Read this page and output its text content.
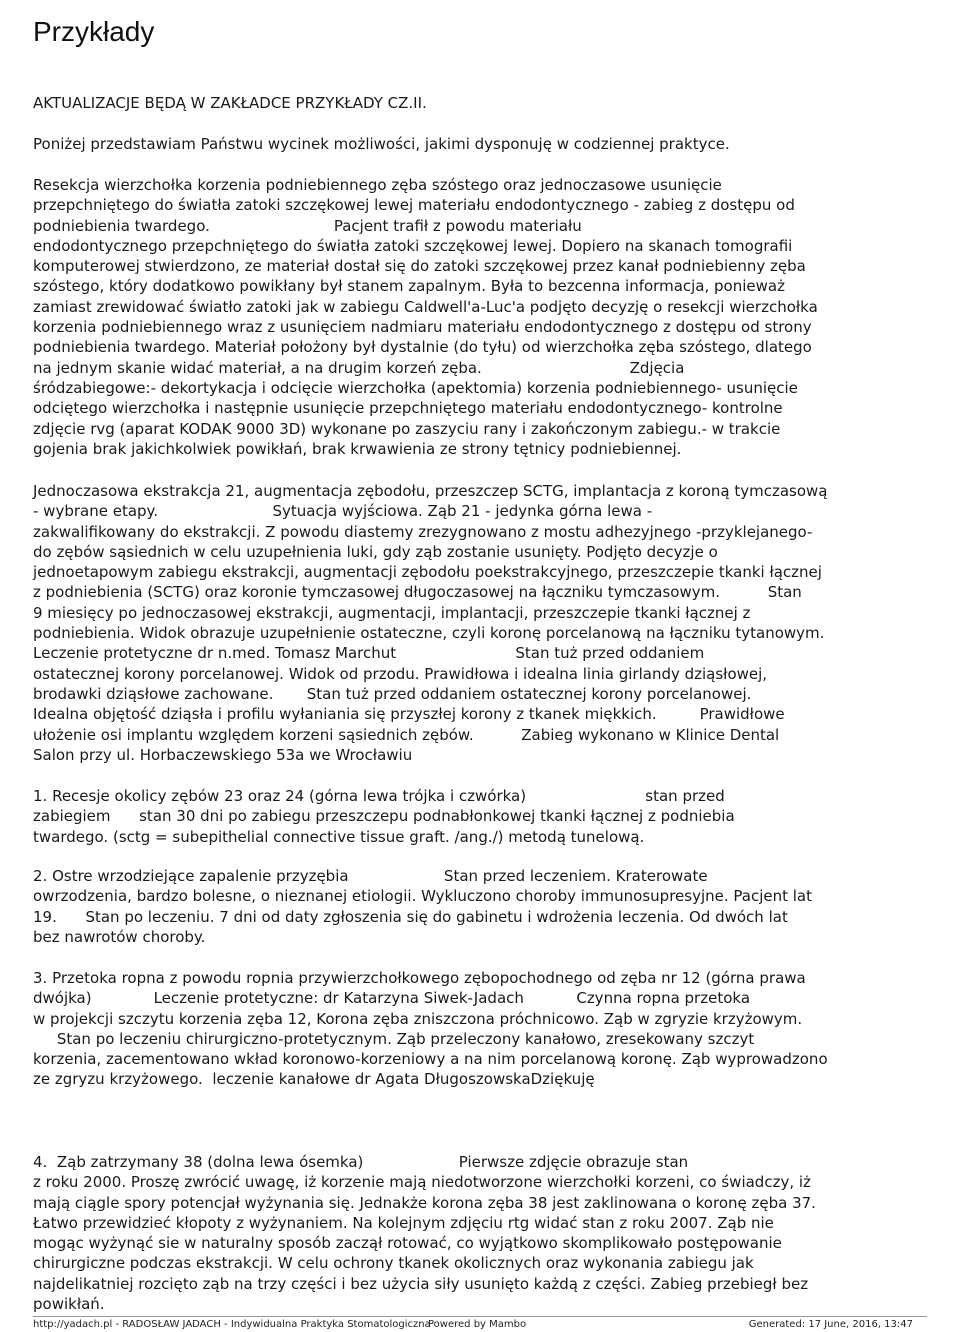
Przykłady
AKTUALIZACJE BĘDĄ W ZAKŁADCE PRZYKŁADY CZ.II.
Poniżej przedstawiam Państwu wycinek możliwości, jakimi dysponuję w codziennej praktyce.
Resekcja wierzchołka korzenia podniebiennego zęba szóstego oraz jednoczasowe usunięcie
przepchniętego do światła zatoki szczękowej lewej materiału endodontycznego - zabieg z dostępu od
podniebienia twardego.                          Pacjent trafił z powodu materiału
endodontycznego przepchniętego do światła zatoki szczękowej lewej. Dopiero na skanach tomografii
komputerowej stwierdzono, ze materiał dostał się do zatoki szczękowej przez kanał podniebienny zęba
szóstego, który dodatkowo powikłany był stanem zapalnym. Była to bezcenna informacja, ponieważ
zamiast zrewidować światło zatoki jak w zabiegu Caldwell'a-Luc'a podjęto decyzję o resekcji wierzchołka
korzenia podniebiennego wraz z usunięciem nadmiaru materiału endodontycznego z dostępu od strony
podniebienia twardego. Materiał położony był dystalnie (do tyłu) od wierzchołka zęba szóstego, dlatego
na jednym skanie widać materiał, a na drugim korzeń zęba.                               Zdjęcia
śródzabiegowe:- dekortykacja i odcięcie wierzchołka (apektomia) korzenia podniebiennego- usunięcie
odciętego wierzchołka i następnie usunięcie przepchniętego materiału endodontycznego- kontrolne
zdjęcie rvg (aparat KODAK 9000 3D) wykonane po zaszyciu rany i zakończonym zabiegu.- w trakcie
gojenia brak jakichkolwiek powikłań, brak krwawienia ze strony tętnicy podniebiennej.
Jednoczasowa ekstrakcja 21, augmentacja zębodołu, przeszczep SCTG, implantacja z koroną tymczasową
- wybrane etapy.                        Sytuacja wyjściowa. Ząb 21 - jedynka górna lewa -
zakwalifikowany do ekstrakcji. Z powodu diastemy zrezygnowano z mostu adhezyjnego -przyklejanego-
do zębów sąsiednich w celu uzupełnienia luki, gdy ząb zostanie usunięty. Podjęto decyzje o
jednoetapowym zabiegu ekstrakcji, augmentacji zębodołu poekstrakcyjnego, przeszczepie tkanki łącznej
z podniebienia (SCTG) oraz koronie tymczasowej długoczasowej na łączniku tymczasowym.          Stan
9 miesięcy po jednoczasowej ekstrakcji, augmentacji, implantacji, przeszczepie tkanki łącznej z
podniebienia. Widok obrazuje uzupełnienie ostateczne, czyli koronę porcelanową na łączniku tytanowym.
Leczenie protetyczne dr n.med. Tomasz Marchut                         Stan tuż przed oddaniem
ostatecznej korony porcelanowej. Widok od przodu. Prawidłowa i idealna linia girlandy dziąsłowej,
brodawki dziąsłowe zachowane.       Stan tuż przed oddaniem ostatecznej korony porcelanowej.
Idealna objętość dziąsła i profilu wyłaniania się przyszłej korony z tkanek miękkich.         Prawidłowe
ułożenie osi implantu względem korzeni sąsiednich zębów.          Zabieg wykonano w Klinice Dental
Salon przy ul. Horbaczewskiego 53a we Wrocławiu
1. Recesje okolicy zębów 23 oraz 24 (górna lewa trójka i czwórka)                         stan przed
zabiegiem      stan 30 dni po zabiegu przeszczepu podnabłonkowej tkanki łącznej z podniebia
twardego. (sctg = subepithelial connective tissue graft. /ang./) metodą tunelową.
2. Ostre wrzodziejące zapalenie przyzębia                    Stan przed leczeniem. Kraterowate
owrzodzenia, bardzo bolesne, o nieznanej etiologii. Wykluczono choroby immunosupresyjne. Pacjent lat
19.      Stan po leczeniu. 7 dni od daty zgłoszenia się do gabinetu i wdrożenia leczenia. Od dwóch lat
bez nawrotów choroby.
3. Przetoka ropna z powodu ropnia przywierzchołkowego zębopochodnego od zęba nr 12 (górna prawa
dwójka)             Leczenie protetyczne: dr Katarzyna Siwek-Jadach           Czynna ropna przetoka
w projekcji szczytu korzenia zęba 12, Korona zęba zniszczona próchnicowo. Ząb w zgryzie krzyżowym.
Stan po leczeniu chirurgiczno-protetycznym. Ząb przeleczony kanałowo, zresekowany szczyt
korzenia, zacementowano wkład koronowo-korzeniowy a na nim porcelanową koronę. Ząb wyprowadzono
ze zgryzu krzyżowego.  leczenie kanałowe dr Agata DługoszowskaDziękuję
4.  Ząb zatrzymany 38 (dolna lewa ósemka)                    Pierwsze zdjęcie obrazuje stan
z roku 2000. Proszę zwrócić uwagę, iż korzenie mają niedotworzone wierzchołki korzeni, co świadczy, iż
mają ciągle spory potencjał wyżynania się. Jednakże korona zęba 38 jest zaklinowana o koronę zęba 37.
Łatwo przewidzieć kłopoty z wyżynaniem. Na kolejnym zdjęciu rtg widać stan z roku 2007. Ząb nie
mogąc wyżynąć sie w naturalny sposób zaczął rotować, co wyjątkowo skomplikowało postępowanie
chirurgiczne podczas ekstrakcji. W celu ochrony tkanek okolicznych oraz wykonania zabiegu jak
najdelikatniej rozcięto ząb na trzy części i bez użycia siły usunięto każdą z części. Zabieg przebiegł bez
powikłań.
http://yadach.pl - RADOSŁAW JADACH - Indywidualna Praktyka Stomatologiczna
Powered by Mambo	Generated: 17 June, 2016, 13:47
